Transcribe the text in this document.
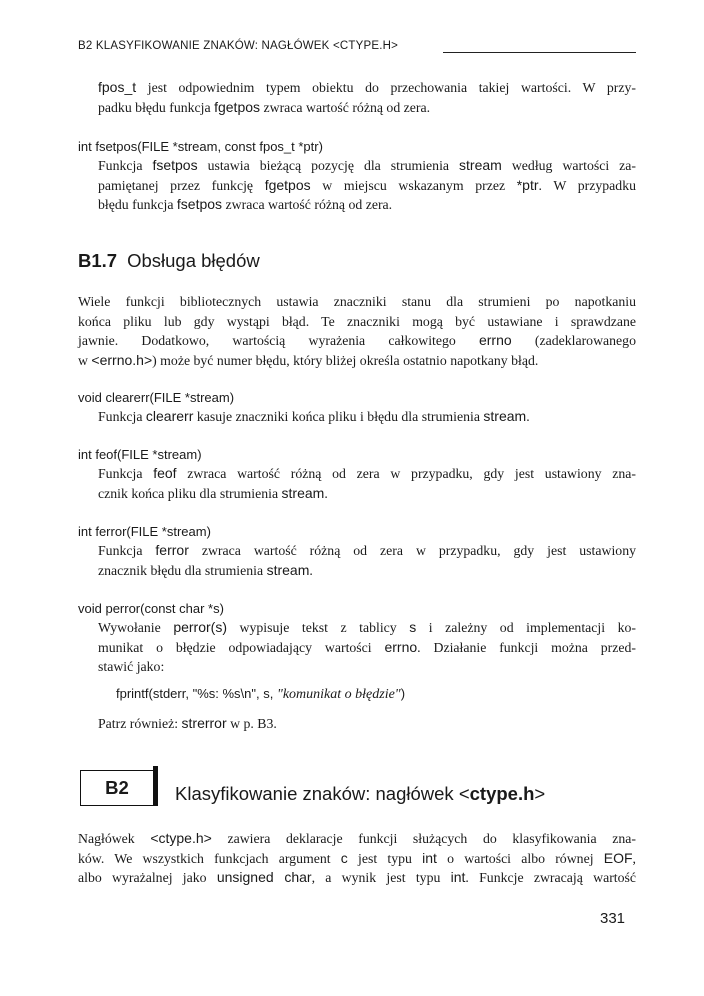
B2 KLASYFIKOWANIE ZNAKÓW: NAGŁÓWEK <CTYPE.H>
fpos_t jest odpowiednim typem obiektu do przechowania takiej wartości. W przy-
padku błędu funkcja fgetpos zwraca wartość różną od zera.
int fsetpos(FILE *stream, const fpos_t *ptr)
Funkcja fsetpos ustawia bieżącą pozycję dla strumienia stream według wartości za-
pamiętanej przez funkcję fgetpos w miejscu wskazanym przez *ptr. W przypadku
błędu funkcja fsetpos zwraca wartość różną od zera.
B1.7 Obsługa błędów
Wiele funkcji bibliotecznych ustawia znaczniki stanu dla strumieni po napotkaniu
końca pliku lub gdy wystąpi błąd. Te znaczniki mogą być ustawiane i sprawdzane
jawnie. Dodatkowo, wartością wyrażenia całkowitego errno (zadeklarowanego
w <errno.h>) może być numer błędu, który bliżej określa ostatnio napotkany błąd.
void clearerr(FILE *stream)
Funkcja clearerr kasuje znaczniki końca pliku i błędu dla strumienia stream.
int feof(FILE *stream)
Funkcja feof zwraca wartość różną od zera w przypadku, gdy jest ustawiony zna-
cznik końca pliku dla strumienia stream.
int ferror(FILE *stream)
Funkcja ferror zwraca wartość różną od zera w przypadku, gdy jest ustawiony
znacznik błędu dla strumienia stream.
void perror(const char *s)
Wywołanie perror(s) wypisuje tekst z tablicy s i zależny od implementacji ko-
munikat o błędzie odpowiadający wartości errno. Działanie funkcji można przed-
stawić jako:
fprintf(stderr, "%s: %s\n", s, "komunikat o błędzie")
Patrz również: strerror w p. B3.
B2	Klasyfikowanie znaków: nagłówek <ctype.h>
Nagłówek <ctype.h> zawiera deklaracje funkcji służących do klasyfikowania zna-
ków. We wszystkich funkcjach argument c jest typu int o wartości albo równej EOF,
albo wyrażalnej jako unsigned char, a wynik jest typu int. Funkcje zwracają wartość
331
